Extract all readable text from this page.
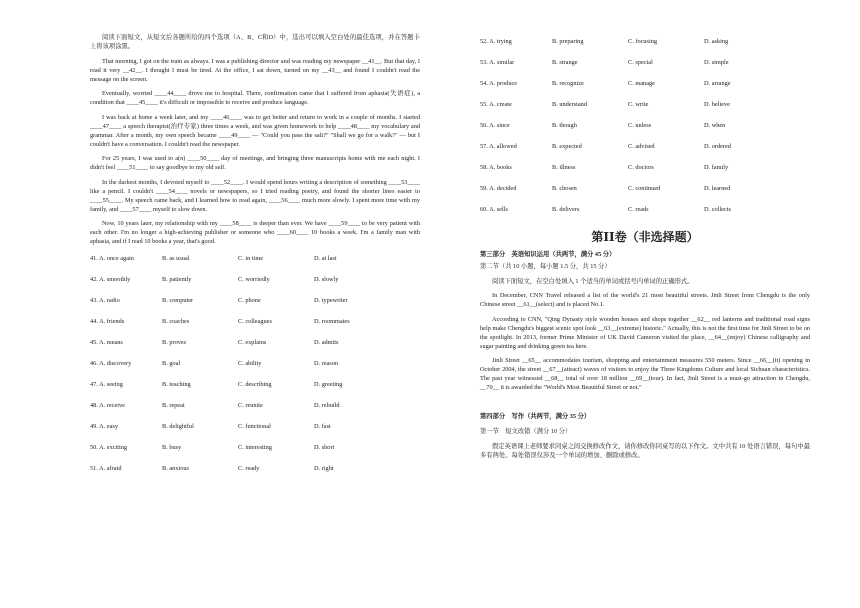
阅读下面短文，从短文后各题所给的四个选项（A、B、C和D）中，选出可以填入空白处的最佳选项，并在答题卡上将该项涂黑。

That morning, I got on the train as always. I was a publishing director and was reading my newspaper __41__. But that day, I read it very __42__. I thought I must be tired. At the office, I sat down, turned on my __43__ and found I couldn't read the message on the screen.

Eventually, worried ____44____ drove me to hospital. There, confirmation came that I suffered from aphasia(失语症), a condition that ____45____ it's difficult or impossible to receive and produce language.

I was back at home a week later, and my ____46____ was to get better and return to work in a couple of months. I started ____47____ a speech therapist(治疗专家) three times a week, and was given homework to help ____48____ my vocabulary and grammar. After a month, my own speech became ____49____ — "Could you pass the salt?" "Shall we go for a walk?" — but I couldn't have a conversation. I couldn't read the newspaper.

For 25 years, I was used to a(n) ____50____ day of meetings, and bringing three manuscripts home with me each night. I didn't feel ____51____ to say goodbye to my old self.

In the darkest months, I devoted myself to ____52____. I would spend hours writing a description of something ____53____ like a pencil. I couldn't ____54____ novels or newspapers, so I tried reading poetry, and found the shorter lines easier to ____55____. My speech came back, and I learned how to read again, ____56____ much more slowly. I spent more time with my family, and ____57____ myself to slow down.

Now, 10 years later, my relationship with my ____58____ is deeper than ever. We have ____59____ to be very patient with each other. I'm no longer a high-achieving publisher or someone who ____60____ 10 books a week. I'm a family man with aphasia, and if I read 10 books a year, that's good.

41. A. once again	B. as usual	C. in time	D. at last
42. A. smoothly	B. patiently	C. worriedly	D. slowly
43. A. radio	B. computer	C. phone	D. typewriter
44. A. friends	B. coaches	C. colleagues	D. roommates
45. A. means	B. proves	C. explains	D. admits
46. A. discovery	B. goal	C. ability	D. reason
47. A. seeing	B. teaching	C. describing	D. greeting
48. A. receive	B. repeat	C. reunite	D. rebuild
49. A. easy	B. delightful	C. functional	D. fast
50. A. exciting	B. busy	C. interesting	D. short
51. A. afraid	B. anxious	C. ready	D. right
52. A. trying	B. preparing	C. focusing	D. asking
53. A. similar	B. strange	C. special	D. simple
54. A. produce	B. recognize	C. manage	D. arrange
55. A. create	B. understand	C. write	D. believe
56. A. since	B. though	C. unless	D. when
57. A. allowed	B. expected	C. advised	D. ordered
58. A. books	B. illness	C. doctors	D. family
59. A. decided	B. chosen	C. continued	D. learned
60. A. sells	B. delivers	C. reads	D. collects
第II卷（非选择题）

第三部分　英语知识运用（共两节，满分 45 分）

第二节（共 10 小题，每小题 1.5 分，共 15 分）

阅读下面短文，在空白处填入 1 个适当的单词或括号内单词的正确形式。

In December, CNN Travel released a list of the world's 21 most beautiful streets. Jinli Street from Chengdu is the only Chinese street __61__(select) and is placed No.1.

According to CNN, "Qing Dynasty style wooden houses and shops together __62__ red lanterns and traditional road signs help make Chengdu's biggest scenic spot look __63__(extreme) historic." Actually, this is not the first time for Jinli Street to be on the spotlight. In 2013, former Prime Minister of UK David Cameron visited the place, __64__(enjoy) Chinese calligraphy and sugar painting and drinking green tea here.

Jinli Street __65__ accommodates tourism, shopping and entertainment measures 550 meters. Since __66__(it) opening in October 2004, the street __67__(attract) waves of visitors to enjoy the Three Kingdoms Culture and local Sichuan characteristics. The past year witnessed __68__ total of over 18 million __69__(tour). In fact, Jinli Street is a must-go attraction in Chengdu, __70__ it is awarded the "World's Most Beautiful Street or not."

第四部分　写作（共两节，满分 35 分）

第一节　短文改错（满分 10 分）

假定英语课上老师要求同桌之间交换修改作文，请你修改你同桌写的以下作文。文中共有 10 处语言错误，每句中最多有两处。每处错误仅涉及一个单词的增加、删除或修改。
